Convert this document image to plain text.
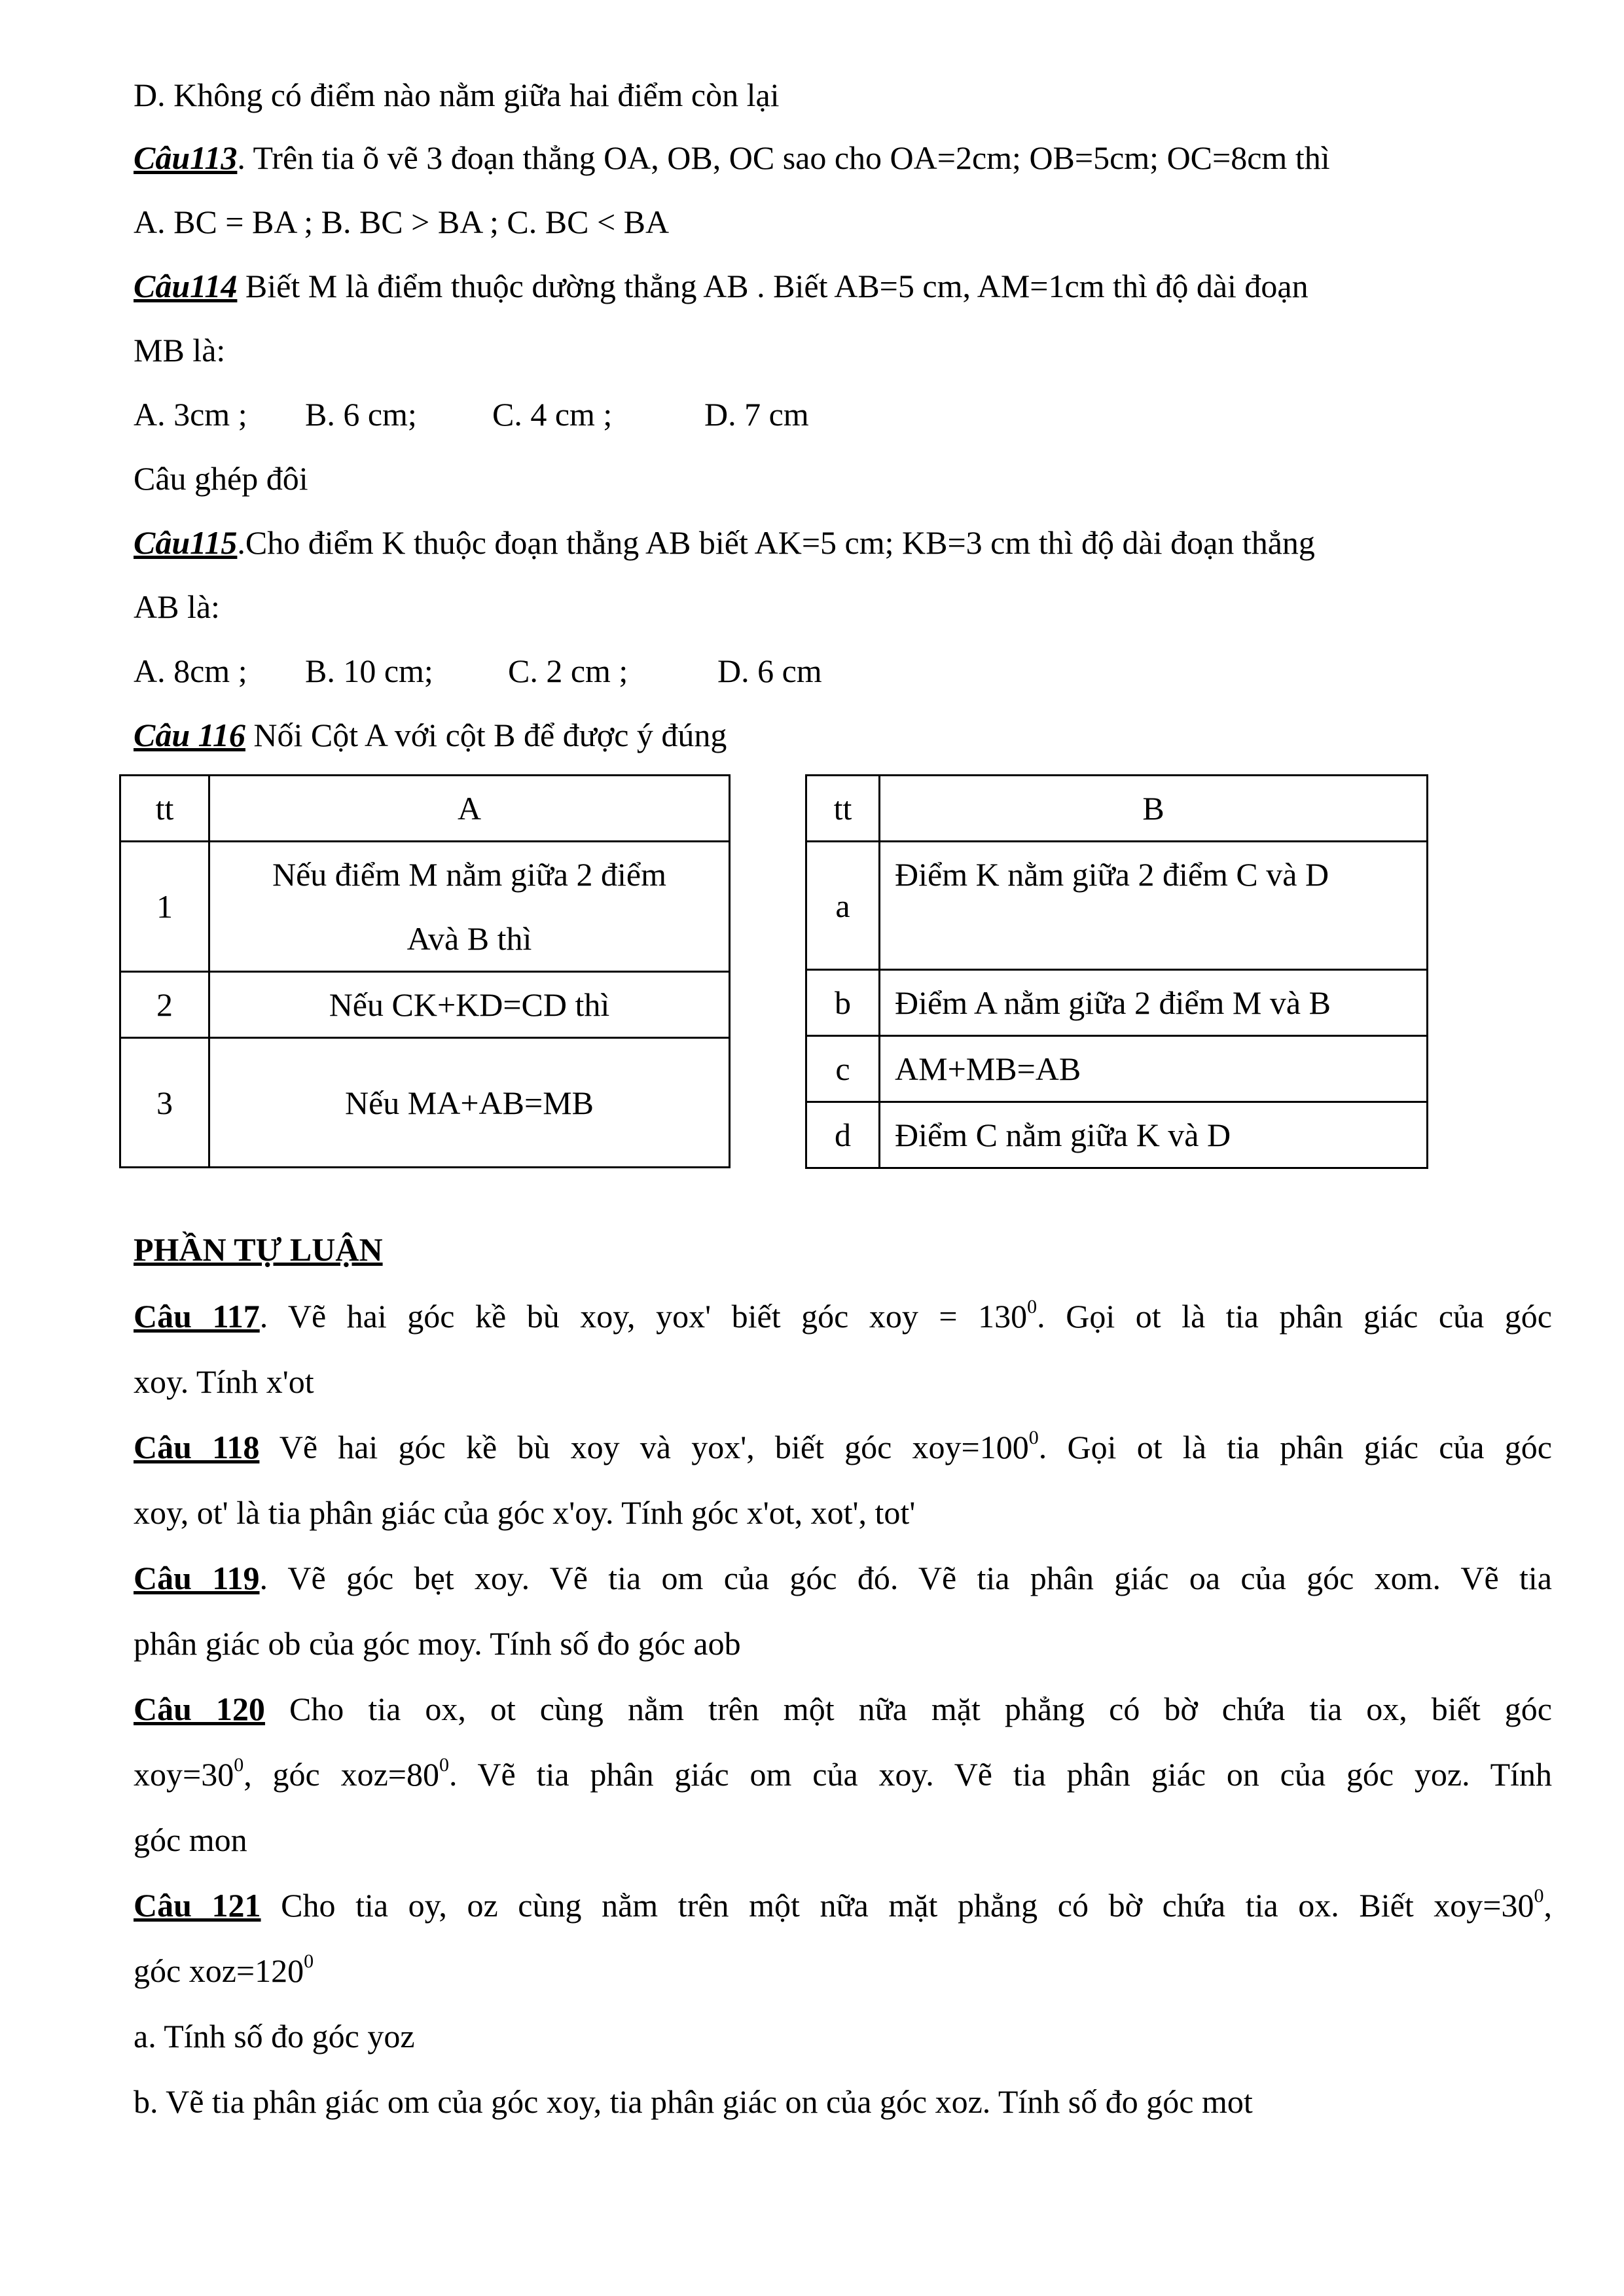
D. Không có điểm nào nằm giữa hai điểm còn lại
Câu113. Trên tia õ vẽ 3 đoạn thẳng OA, OB, OC sao cho OA=2cm; OB=5cm; OC=8cm thì
A. BC = BA ; B. BC > BA ; C. BC < BA
Câu114 Biết M là điểm thuộc dường thẳng AB . Biết AB=5 cm, AM=1cm thì độ dài đoạn
MB là:
A. 3cm ; B. 6 cm; C. 4 cm ;	D. 7 cm
Câu ghép đôi
Câu115.Cho điểm K thuộc đoạn thẳng AB biết AK=5 cm; KB=3 cm thì độ dài đoạn thẳng
AB là:
A. 8cm ; B. 10 cm; C. 2 cm ;	D. 6 cm
Câu 116 Nối Cột A với cột B để được ý đúng
tt	A
1	Nếu điểm M nằm giữa 2 điểm
Avà B thì

2	Nếu CK+KD=CD thì
3	Nếu MA+AB=MB
tt	B
a	Điểm K nằm giữa 2 điểm C và D
b	Điểm A nằm giữa 2 điểm M và B
c	AM+MB=AB
d	Điểm C nằm giữa K và D
PHẦN TỰ LUẬN
Câu 117. Vẽ hai góc kề bù xoy, yox' biết góc xoy = $130^0$. Gọi ot là tia phân giác của góc
xoy. Tính x'ot
Câu 118 Vẽ hai góc kề bù xoy và yox', biết góc $xoy=100^0$. Gọi ot là tia phân giác của góc
xoy, ot' là tia phân giác của góc x'oy. Tính góc x'ot, xot', tot'
Câu 119. Vẽ góc bẹt xoy. Vẽ tia om của góc đó. Vẽ tia phân giác oa của góc xom. Vẽ tia
phân giác ob của góc moy. Tính số đo góc aob
Câu 120 Cho tia ox, ot cùng nằm trên một nữa mặt phẳng có bờ chứa tia ox, biết góc
$xoy=30^0$, góc $xoz=80^0$. Vẽ tia phân giác om của xoy. Vẽ tia phân giác on của góc yoz. Tính
góc mon
Câu 121 Cho tia oy, oz cùng nằm trên một nữa mặt phẳng có bờ chứa tia ox. Biết $xoy=30^0$,
góc $xoz=120^0$
a. Tính số đo góc yoz
b. Vẽ tia phân giác om của góc xoy, tia phân giác on của góc xoz. Tính số đo góc mot
